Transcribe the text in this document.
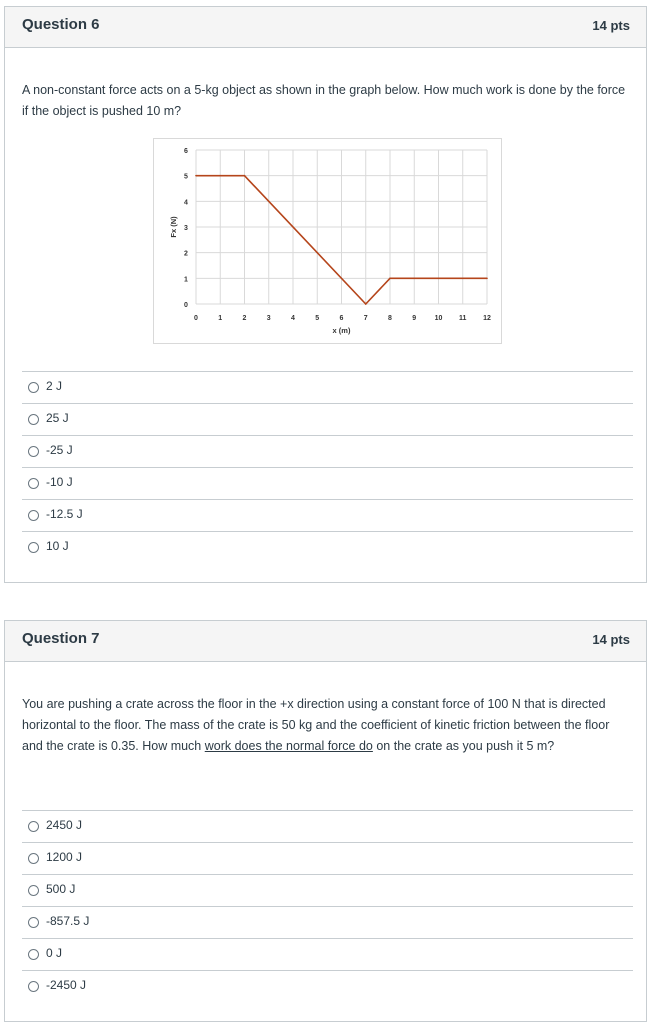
Question 6	14 pts
A non-constant force acts on a 5-kg object as shown in the graph below. How much work is done by the force if the object is pushed 10 m?
0	1	2	3	4	5	6	7	8	9	10 11 12
0
1
2
3
4
5
6
x (m)
Fx (N)
2 J
25 J
-25 J
-10 J
-12.5 J
10 J
Question 7	14 pts
You are pushing a crate across the floor in the +x direction using a constant force of 100 N that is directed horizontal to the floor. The mass of the crate is 50 kg and the coefficient of kinetic friction between the floor and the crate is 0.35. How much work does the normal force do on the crate as you push it 5 m?
2450 J
1200 J
500 J
-857.5 J
0 J
-2450 J
